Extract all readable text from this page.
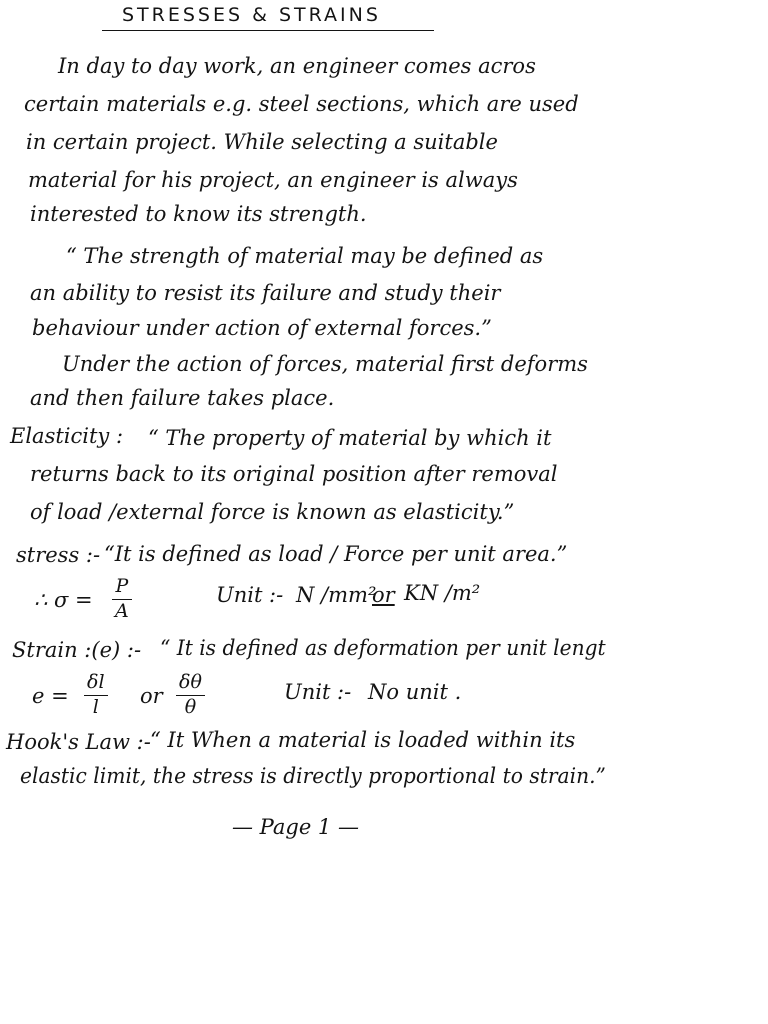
STRESSES & STRAINS
In day to day work, an engineer comes acros
certain materials e.g. steel sections, which are used
in certain project. While selecting a suitable
material for his project, an engineer is always
interested to know its strength.
“ The strength of material may be defined as
an ability to resist its failure and study their
behaviour under action of external forces.”
Under the action of forces, material first deforms
and then failure takes place.
Elasticity : “ The property of material by which it
returns back to its original position after removal
of load /external force is known as elasticity.”
stress :- “It is defined as load / Force per unit area.”
∴ $\sigma = \frac{P}{A}$	Unit :- N /mm²
or KN /m²
Strain :(e) :- “ It is defined as deformation per unit lengt
$e = \frac{\delta l}{l}$ or $\frac{\delta\theta}{\theta}$	Unit :- No unit .
Hook's Law :- “ It When a material is loaded within its
elastic limit, the stress is directly proportional to strain.”
— Page 1 —
